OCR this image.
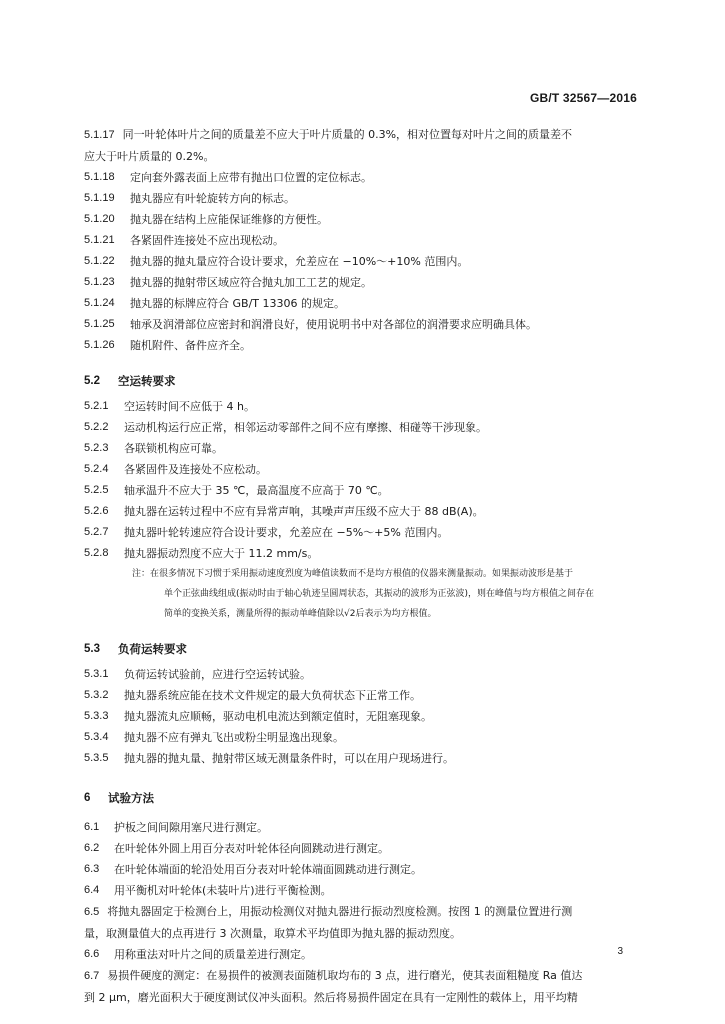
GB/T 32567—2016
5.1.17 同一叶轮体叶片之间的质量差不应大于叶片质量的 0.3%，相对位置每对叶片之间的质量差不
应大于叶片质量的 0.2%。
5.1.18	定向套外露表面上应带有抛出口位置的定位标志。
5.1.19	抛丸器应有叶轮旋转方向的标志。
5.1.20	抛丸器在结构上应能保证维修的方便性。
5.1.21	各紧固件连接处不应出现松动。
5.1.22	抛丸器的抛丸量应符合设计要求，允差应在 −10%～+10% 范围内。
5.1.23	抛丸器的抛射带区域应符合抛丸加工工艺的规定。
5.1.24	抛丸器的标牌应符合 GB/T 13306 的规定。
5.1.25	轴承及润滑部位应密封和润滑良好，使用说明书中对各部位的润滑要求应明确具体。
5.1.26	随机附件、备件应齐全。
5.2	空运转要求
5.2.1	空运转时间不应低于 4 h。
5.2.2	运动机构运行应正常，相邻运动零部件之间不应有摩擦、相碰等干涉现象。
5.2.3	各联锁机构应可靠。
5.2.4	各紧固件及连接处不应松动。
5.2.5	轴承温升不应大于 35 ℃，最高温度不应高于 70 ℃。
5.2.6	抛丸器在运转过程中不应有异常声响，其噪声声压级不应大于 88 dB(A)。
5.2.7	抛丸器叶轮转速应符合设计要求，允差应在 −5%～+5% 范围内。
5.2.8	抛丸器振动烈度不应大于 11.2 mm/s。
注：在很多情况下习惯于采用振动速度烈度为峰值读数而不是均方根值的仪器来测量振动。如果振动波形是基于
单个正弦曲线组成(振动时由于轴心轨迹呈圆周状态，其振动的波形为正弦波)，则在峰值与均方根值之间存在
简单的变换关系，测量所得的振动单峰值除以√2后表示为均方根值。
5.3	负荷运转要求
5.3.1	负荷运转试验前，应进行空运转试验。
5.3.2	抛丸器系统应能在技术文件规定的最大负荷状态下正常工作。
5.3.3	抛丸器流丸应顺畅，驱动电机电流达到额定值时，无阻塞现象。
5.3.4	抛丸器不应有弹丸飞出或粉尘明显逸出现象。
5.3.5	抛丸器的抛丸量、抛射带区域无测量条件时，可以在用户现场进行。
6	试验方法
6.1	护板之间间隙用塞尺进行测定。
6.2	在叶轮体外圆上用百分表对叶轮体径向圆跳动进行测定。
6.3	在叶轮体端面的轮沿处用百分表对叶轮体端面圆跳动进行测定。
6.4	用平衡机对叶轮体(未装叶片)进行平衡检测。
6.5 将抛丸器固定于检测台上，用振动检测仪对抛丸器进行振动烈度检测。按图 1 的测量位置进行测
量，取测量值大的点再进行 3 次测量，取算术平均值即为抛丸器的振动烈度。
6.6	用称重法对叶片之间的质量差进行测定。
6.7 易损件硬度的测定：在易损件的被测表面随机取均布的 3 点，进行磨光，使其表面粗糙度 Ra 值达
到 2 μm，磨光面积大于硬度测试仪冲头面积。然后将易损件固定在具有一定刚性的载体上，用平均精
3
